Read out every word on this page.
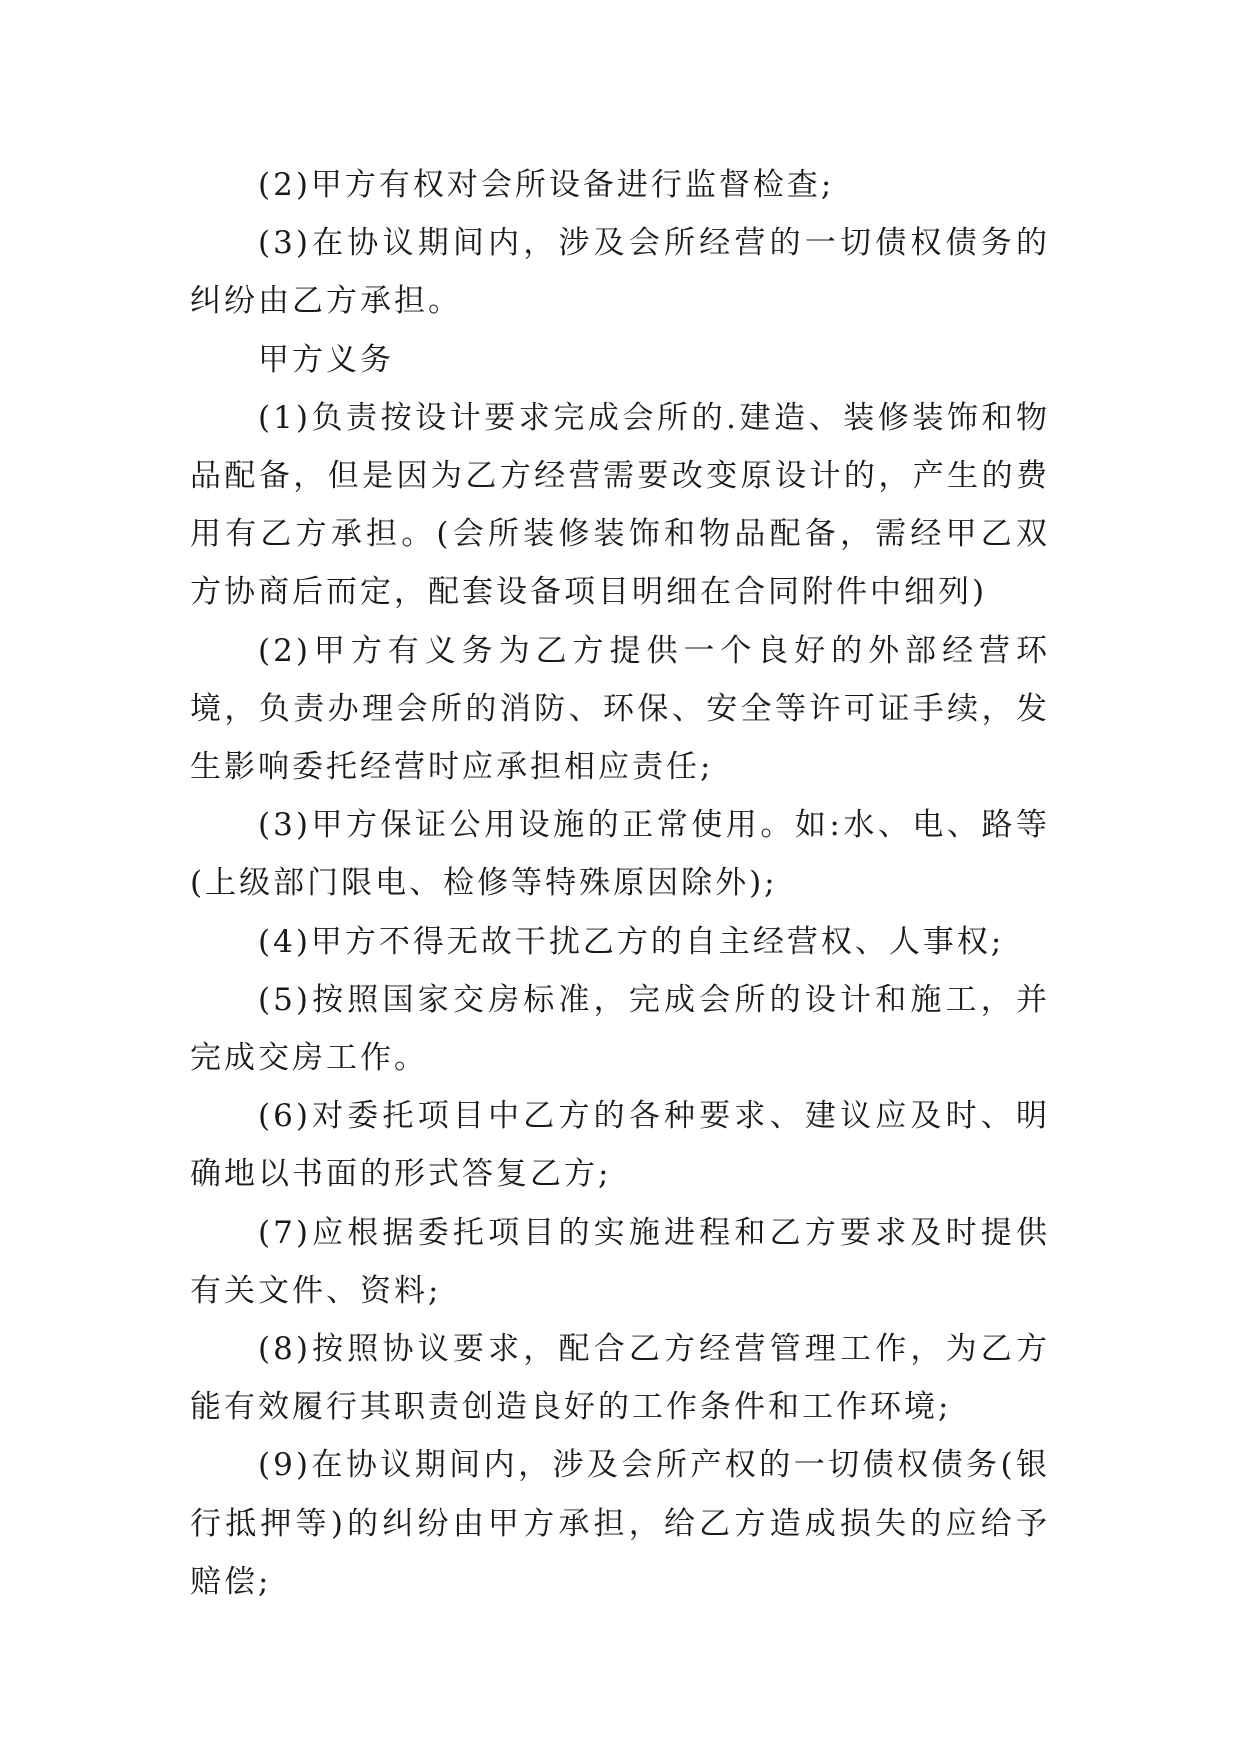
(2)甲方有权对会所设备进行监督检查;

(3)在协议期间内，涉及会所经营的一切债权债务的纠纷由乙方承担。

甲方义务

(1)负责按设计要求完成会所的.建造、装修装饰和物品配备，但是因为乙方经营需要改变原设计的，产生的费用有乙方承担。(会所装修装饰和物品配备，需经甲乙双方协商后而定，配套设备项目明细在合同附件中细列)

(2)甲方有义务为乙方提供一个良好的外部经营环境，负责办理会所的消防、环保、安全等许可证手续，发生影响委托经营时应承担相应责任;

(3)甲方保证公用设施的正常使用。如:水、电、路等(上级部门限电、检修等特殊原因除外);

(4)甲方不得无故干扰乙方的自主经营权、人事权;

(5)按照国家交房标准，完成会所的设计和施工，并完成交房工作。

(6)对委托项目中乙方的各种要求、建议应及时、明确地以书面的形式答复乙方;

(7)应根据委托项目的实施进程和乙方要求及时提供有关文件、资料;

(8)按照协议要求，配合乙方经营管理工作，为乙方能有效履行其职责创造良好的工作条件和工作环境;

(9)在协议期间内，涉及会所产权的一切债权债务(银行抵押等)的纠纷由甲方承担，给乙方造成损失的应给予赔偿;
